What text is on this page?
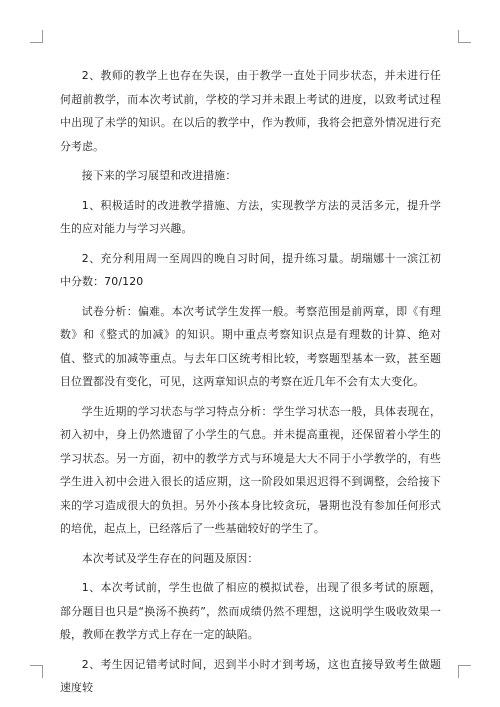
2、教师的教学上也存在失误，由于教学一直处于同步状态，并未进行任何超前教学，而本次考试前，学校的学习并未跟上考试的进度，以致考试过程中出现了未学的知识。在以后的教学中，作为教师，我将会把意外情况进行充分考虑。

接下来的学习展望和改进措施：

1、积极适时的改进教学措施、方法，实现教学方法的灵活多元，提升学生的应对能力与学习兴趣。

2、充分利用周一至周四的晚自习时间，提升练习量。胡瑞娜十一滨江初中分数：70/120

试卷分析：偏难。本次考试学生发挥一般。考察范围是前两章，即《有理数》和《整式的加减》的知识。期中重点考察知识点是有理数的计算、绝对值、整式的加减等重点。与去年口区统考相比较，考察题型基本一致，甚至题目位置都没有变化，可见，这两章知识点的考察在近几年不会有太大变化。

学生近期的学习状态与学习特点分析：学生学习状态一般，具体表现在，初入初中，身上仍然遗留了小学生的气息。并未提高重视，还保留着小学生的学习状态。另一方面，初中的教学方式与环境是大大不同于小学教学的，有些学生进入初中会进入很长的适应期，这一阶段如果迟迟得不到调整，会给接下来的学习造成很大的负担。另外小孩本身比较贪玩，暑期也没有参加任何形式的培优，起点上，已经落后了一些基础较好的学生了。

本次考试及学生存在的问题及原因：

1、本次考试前，学生也做了相应的模拟试卷，出现了很多考试的原题，部分题目也只是“换汤不换药”，然而成绩仍然不理想，这说明学生吸收效果一般，教师在教学方式上存在一定的缺陷。

2、考生因记错考试时间，迟到半小时才到考场，这也直接导致考生做题速度较
